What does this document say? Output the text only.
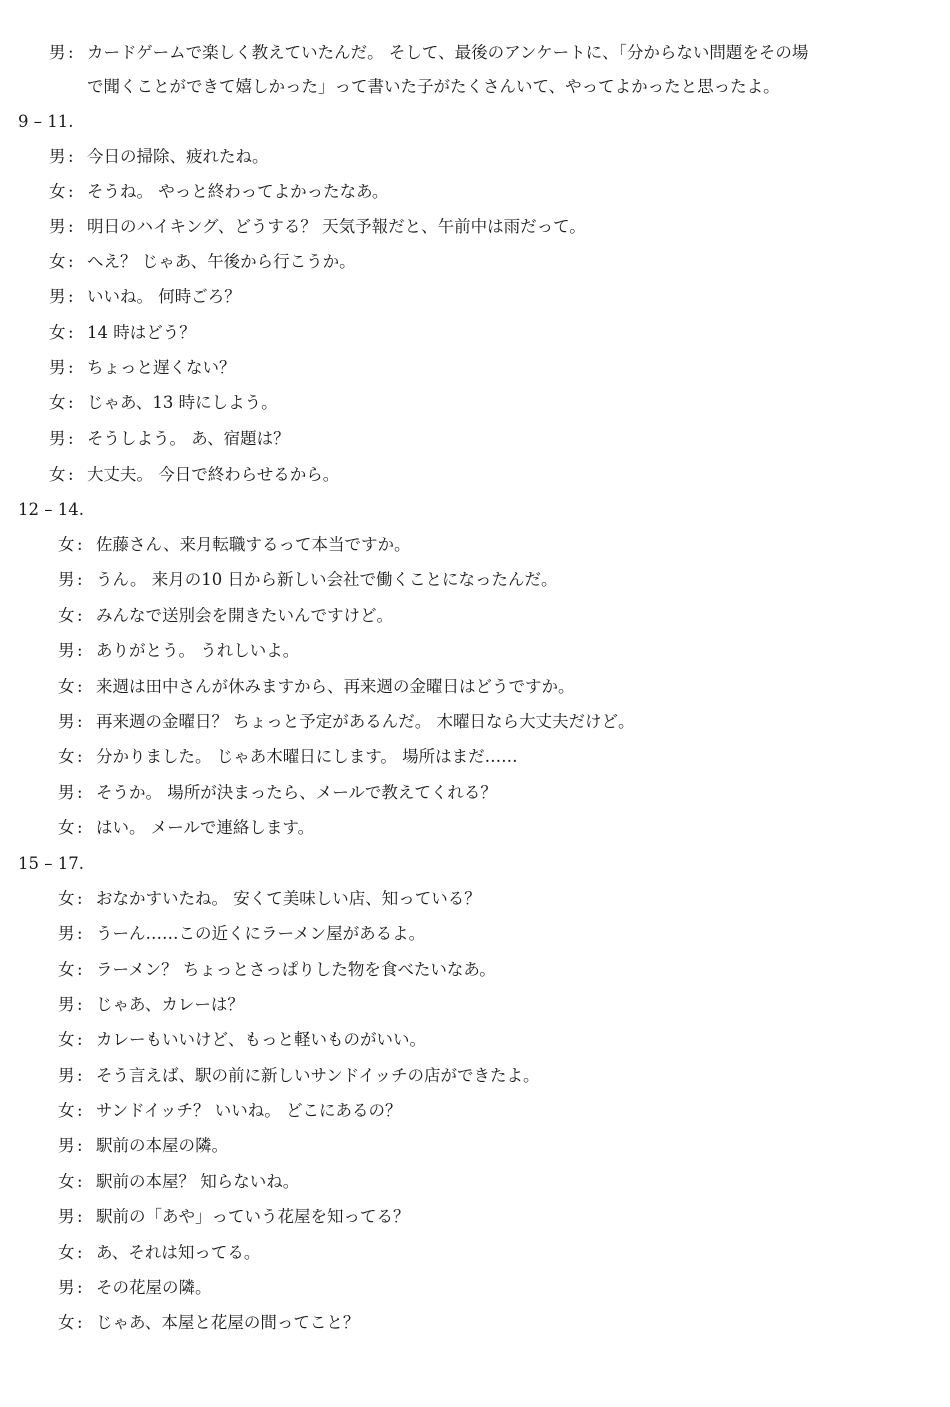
男 : カードゲームで楽しく教えていたんだ。 そして、最後のアンケートに、「分からない問題をその場
で聞くことができて嬉しかった」って書いた子がたくさんいて、やってよかったと思ったよ。
9 – 11.
男 : 今日の掃除、疲れたね。
女 : そうね。 やっと終わってよかったなあ。
男 : 明日のハイキング、どうする？ 天気予報だと、午前中は雨だって。
女 : へえ？ じゃあ、午後から行こうか。
男 : いいね。 何時ごろ？
女 : 14 時はどう？
男 : ちょっと遅くない？
女 : じゃあ、13 時にしよう。
男 : そうしよう。 あ、宿題は？
女 : 大丈夫。 今日で終わらせるから。
12 – 14.
女 : 佐藤さん、来月転職するって本当ですか。
男 : うん。 来月の10 日から新しい会社で働くことになったんだ。
女 : みんなで送別会を開きたいんですけど。
男 : ありがとう。 うれしいよ。
女 : 来週は田中さんが休みますから、再来週の金曜日はどうですか。
男 : 再来週の金曜日？ ちょっと予定があるんだ。 木曜日なら大丈夫だけど。
女 : 分かりました。 じゃあ木曜日にします。 場所はまだ……
男 : そうか。 場所が決まったら、メールで教えてくれる？
女 : はい。 メールで連絡します。
15 – 17.
女 : おなかすいたね。 安くて美味しい店、知っている？
男 : うーん……この近くにラーメン屋があるよ。
女 : ラーメン？ ちょっとさっぱりした物を食べたいなあ。
男 : じゃあ、カレーは？
女 : カレーもいいけど、もっと軽いものがいい。
男 : そう言えば、駅の前に新しいサンドイッチの店ができたよ。
女 : サンドイッチ？ いいね。 どこにあるの？
男 : 駅前の本屋の隣。
女 : 駅前の本屋？ 知らないね。
男 : 駅前の「あや」っていう花屋を知ってる？
女 : あ、それは知ってる。
男 : その花屋の隣。
女 : じゃあ、本屋と花屋の間ってこと？
